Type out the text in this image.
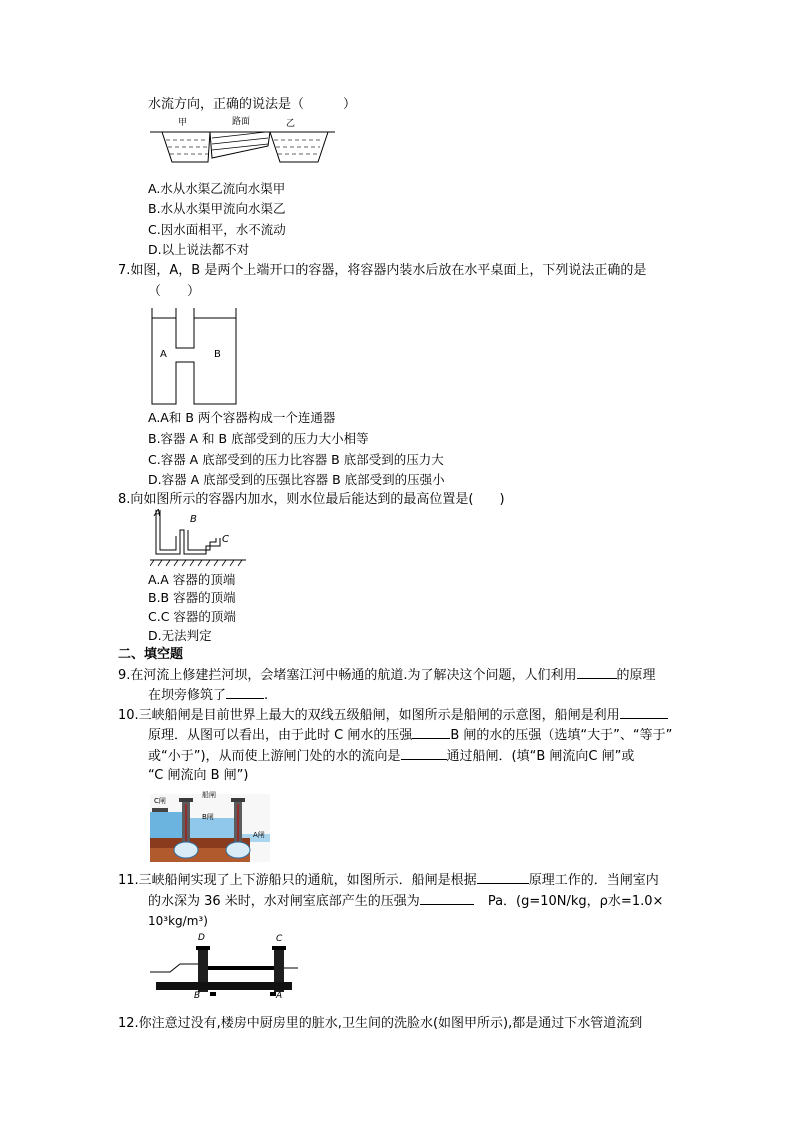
水流方向，正确的说法是（　　　）
甲	路面	乙
A.水从水渠乙流向水渠甲
B.水从水渠甲流向水渠乙
C.因水面相平，水不流动
D.以上说法都不对
7.如图，A，B 是两个上端开口的容器，将容器内装水后放在水平桌面上，下列说法正确的是
（　　）
A	B
A.A和 B 两个容器构成一个连通器
B.容器 A 和 B 底部受到的压力大小相等
C.容器 A 底部受到的压力比容器 B 底部受到的压力大
D.容器 A 底部受到的压强比容器 B 底部受到的压强小
8.向如图所示的容器内加水，则水位最后能达到的最高位置是(　　)
A
B
C
A.A 容器的顶端
B.B 容器的顶端
C.C 容器的顶端
D.无法判定
二、填空题
9.在河流上修建拦河坝，会堵塞江河中畅通的航道.为了解决这个问题，人们利用	的原理
在坝旁修筑了	.
10.三峡船闸是目前世界上最大的双线五级船闸，如图所示是船闸的示意图，船闸是利用
原理．从图可以看出，由于此时 C 闸水的压强	B 闸的水的压强（选填“大于”、“等于”
或“小于”)，从而使上游闸门处的水的流向是	通过船闸．(填“B 闸流向C 闸”或
“C 闸流向 B 闸”)
C闸
船闸
B闸
A闸
11.三峡船闸实现了上下游船只的通航，如图所示．船闸是根据	原理工作的．当闸室内
的水深为 36 米时，水对闸室底部产生的压强为	Pa．(g=10N/kg，ρ水=1.0×
10³kg/m³)
D	C
B	A
12.你注意过没有,楼房中厨房里的脏水,卫生间的洗脸水(如图甲所示),都是通过下水管道流到
